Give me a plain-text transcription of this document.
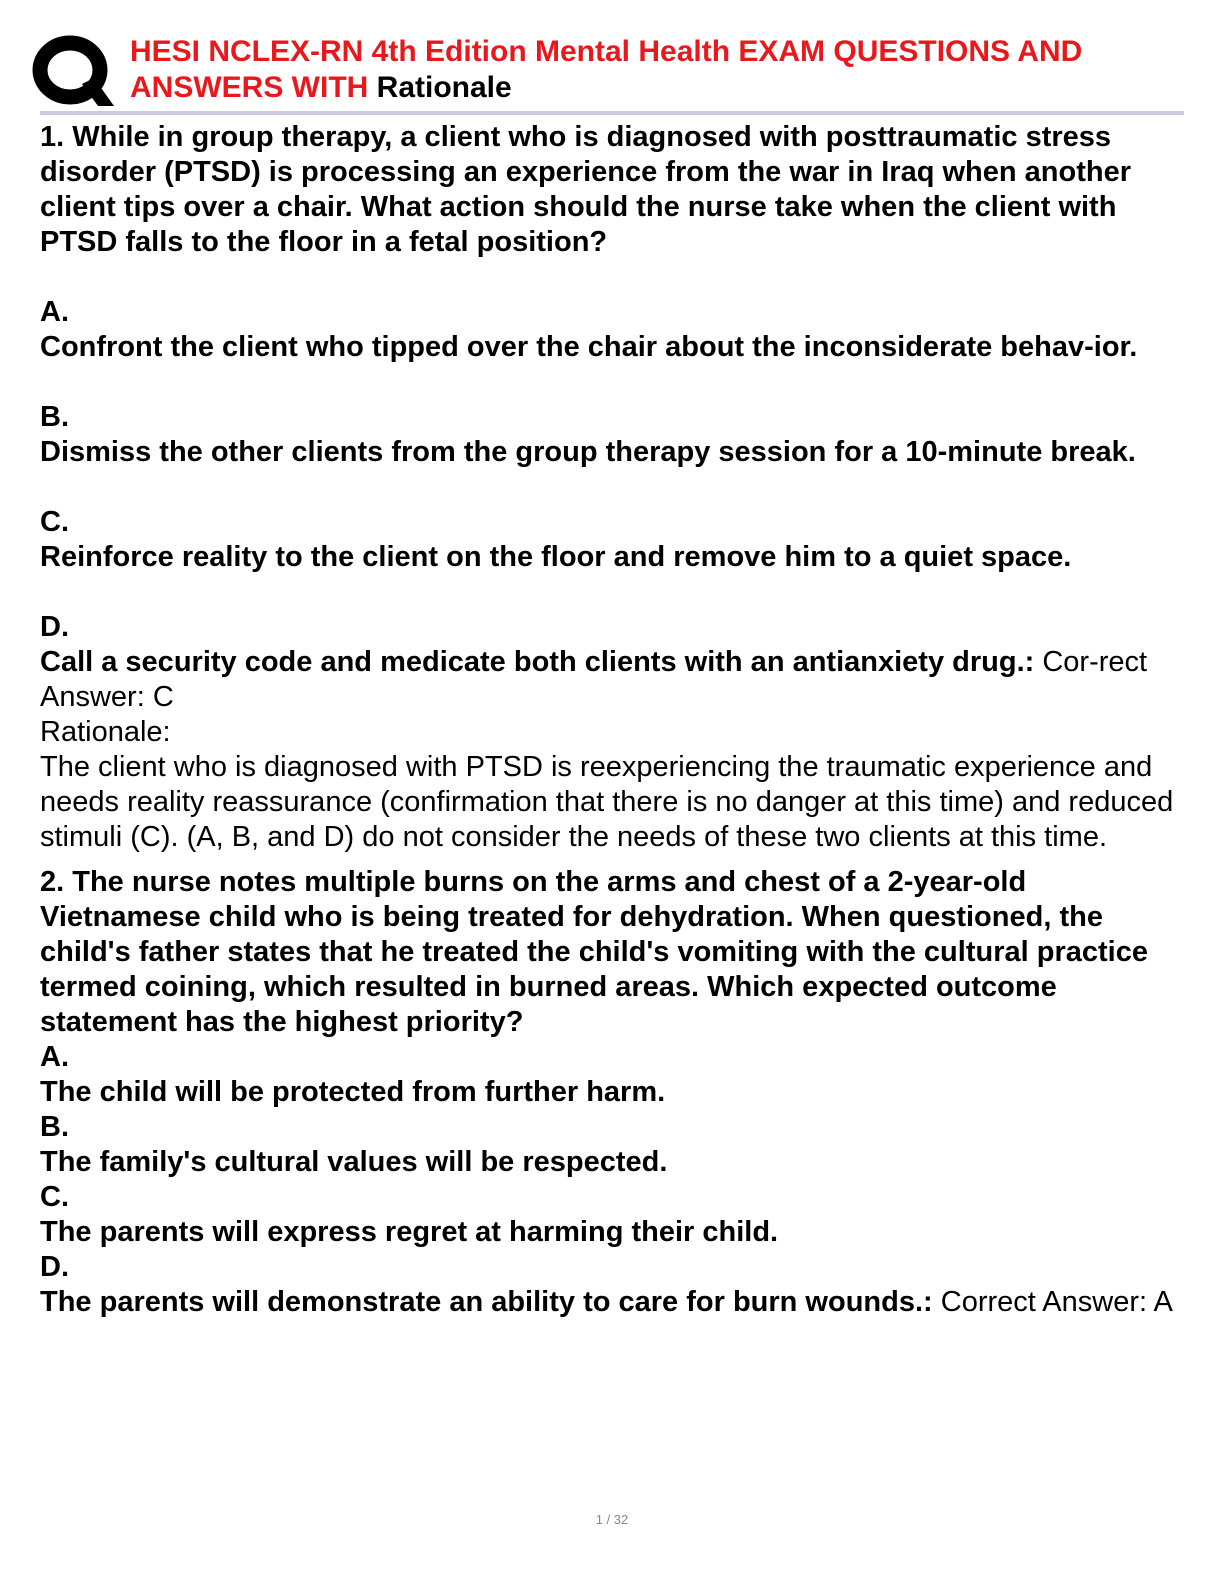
HESI NCLEX-RN 4th Edition Mental Health EXAM QUESTIONS AND ANSWERS WITH Rationale

1. While in group therapy, a client who is diagnosed with posttraumatic stress disorder (PTSD) is processing an experience from the war in Iraq when another client tips over a chair. What action should the nurse take when the client with PTSD falls to the floor in a fetal position?

A.

Confront the client who tipped over the chair about the inconsiderate behav-ior.

B.

Dismiss the other clients from the group therapy session for a 10-minute break.

C.

Reinforce reality to the client on the floor and remove him to a quiet space.

D.

Call a security code and medicate both clients with an antianxiety drug.: Cor-rect Answer: C

Rationale:

The client who is diagnosed with PTSD is reexperiencing the traumatic experience and needs reality reassurance (confirmation that there is no danger at this time) and reduced stimuli (C). (A, B, and D) do not consider the needs of these two clients at this time.

2. The nurse notes multiple burns on the arms and chest of a 2-year-old Vietnamese child who is being treated for dehydration. When questioned, the child's father states that he treated the child's vomiting with the cultural practice termed coining, which resulted in burned areas. Which expected outcome statement has the highest priority?

A.

The child will be protected from further harm.

B.

The family's cultural values will be respected.

C.

The parents will express regret at harming their child.

D.

The parents will demonstrate an ability to care for burn wounds.: Correct Answer: A

1 / 32
